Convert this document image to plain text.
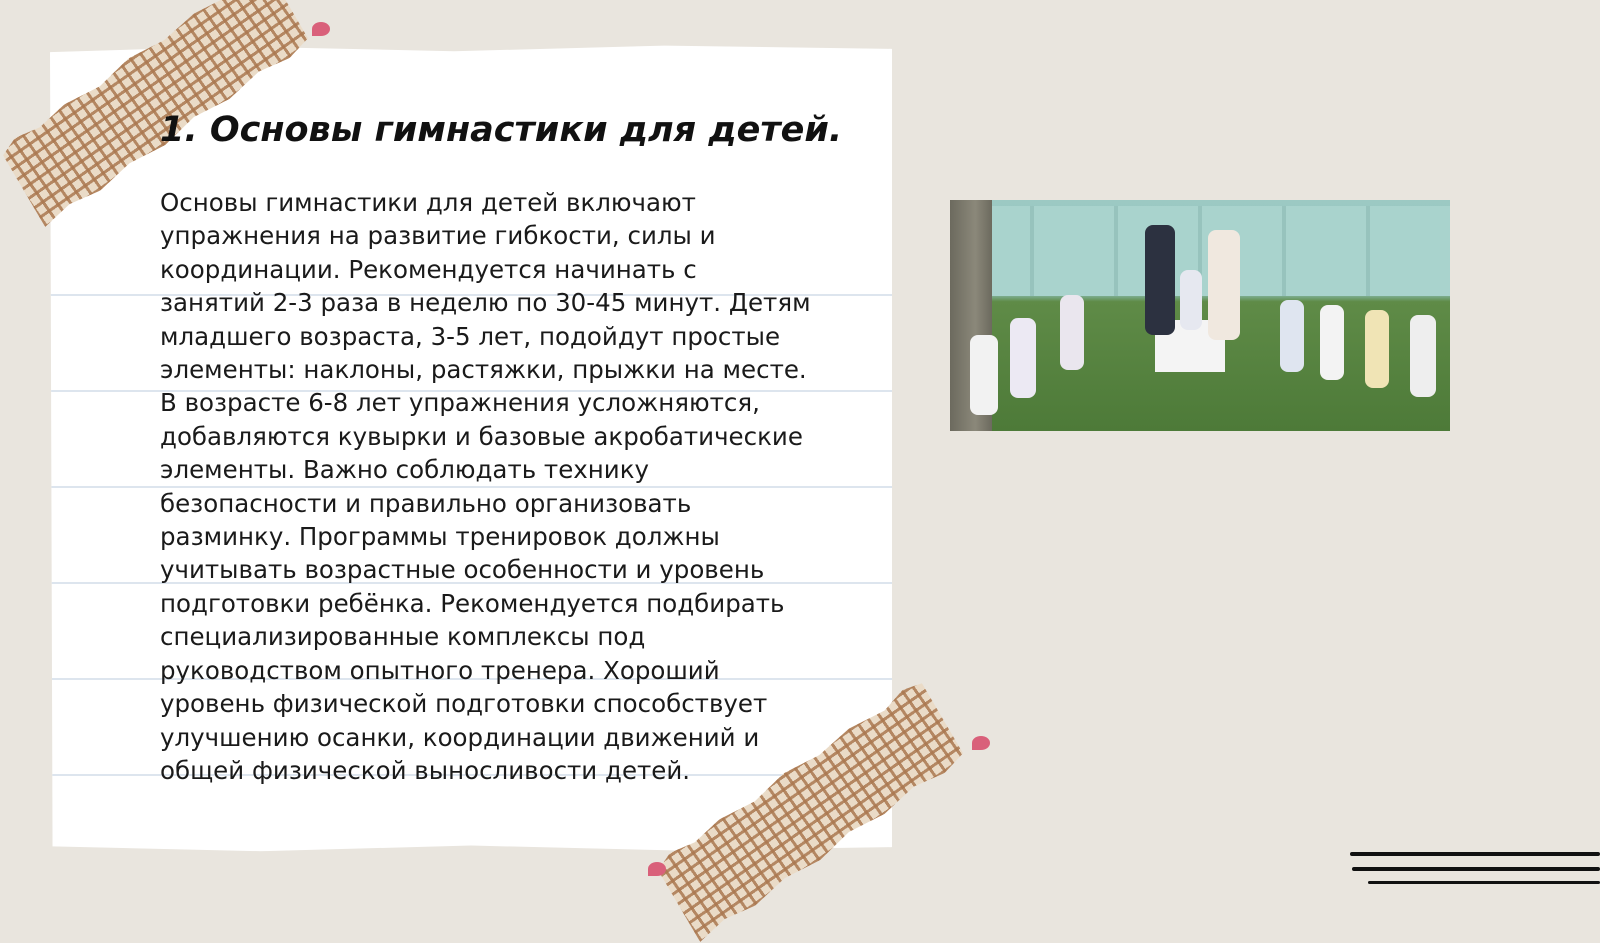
1. Основы гимнастики для детей.
Основы гимнастики для детей включают
упражнения на развитие гибкости, силы и
координации. Рекомендуется начинать с
занятий 2-3 раза в неделю по 30-45 минут. Детям
младшего возраста, 3-5 лет, подойдут простые
элементы: наклоны, растяжки, прыжки на месте.
В возрасте 6-8 лет упражнения усложняются,
добавляются кувырки и базовые акробатические
элементы. Важно соблюдать технику
безопасности и правильно организовать
разминку. Программы тренировок должны
учитывать возрастные особенности и уровень
подготовки ребёнка. Рекомендуется подбирать
специализированные комплексы под
руководством опытного тренера. Хороший
уровень физической подготовки способствует
улучшению осанки, координации движений и
общей физической выносливости детей.
